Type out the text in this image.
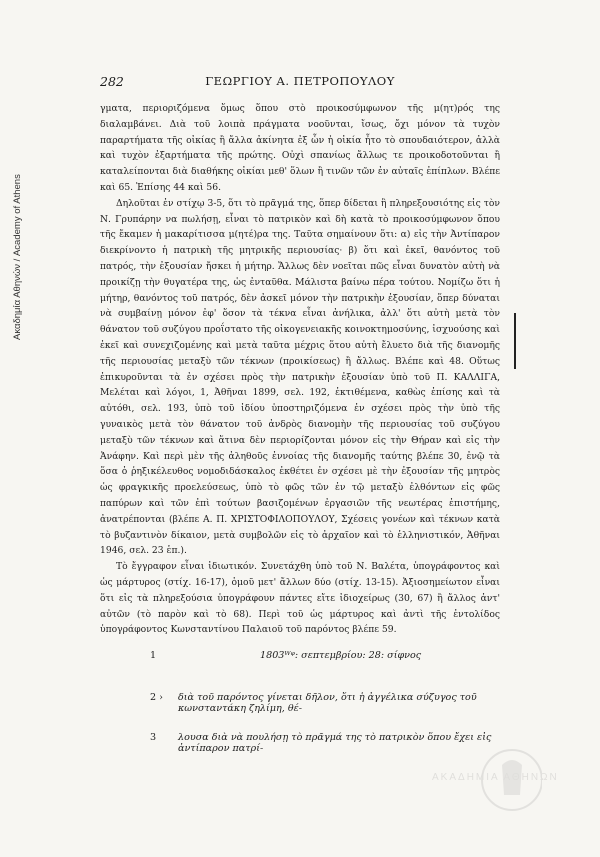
Ακαδημία Αθηνών / Academy of Athens
282	ΓΕΩΡΓΙΟΥ Α. ΠΕΤΡΟΠΟΥΛΟΥ

γματα, περιοριζόμενα ὅμως ὅπου στὸ προικοσύμφωνον τῆς μ(ητ)ρός της διαλαμβάνει. Διὰ τοῦ λοιπὰ πράγματα νοοῦνται, ἴσως, ὄχι μόνον τὰ τυχὸν παραρτήματα τῆς οἰκίας ἢ ἄλλα ἀκίνητα ἐξ ὧν ἡ οἰκία ἦτο τὸ σπουδαιότερον, ἀλλὰ καὶ τυχὸν ἐξαρτήματα τῆς πρώτης. Οὐχὶ σπανίως ἄλλως τε προικοδοτοῦνται ἢ καταλείπονται διὰ διαθήκης οἰκίαι μεθ' ὅλων ἢ τινῶν τῶν ἐν αὐταῖς ἐπίπλων. Βλέπε καὶ 65. Ἐπίσης 44 καὶ 56.

Δηλοῦται ἐν στίχῳ 3-5, ὅτι τὸ πρᾶγμά της, ὅπερ δίδεται ἢ πληρεξουσιότης εἰς τὸν Ν. Γρυπάρην να πωλήσῃ, εἶναι τὸ πατρικὸν καὶ δὴ κατὰ τὸ προικοσύμφωνον ὅπου τῆς ἔκαμεν ἡ μακαρίτισσα μ(ητέ)ρα της. Ταῦτα σημαίνουν ὅτι: α) εἰς τὴν Ἀντίπαρον διεκρίνοντο ἡ πατρικὴ τῆς μητρικῆς περιουσίας· β) ὅτι καὶ ἐκεῖ, θανόντος τοῦ πατρός, τὴν ἐξουσίαν ἤσκει ἡ μήτηρ. Ἄλλως δὲν νοεῖται πῶς εἶναι δυνατὸν αὐτὴ νὰ προικίζῃ τὴν θυγατέρα της, ὡς ἐνταῦθα. Μάλιστα βαίνω πέρα τούτου. Νομίζω ὅτι ἡ μήτηρ, θανόντος τοῦ πατρός, δὲν ἀσκεῖ μόνον τὴν πατρικὴν ἐξουσίαν, ὅπερ δύναται νὰ συμβαίνῃ μόνον ἐφ' ὅσον τὰ τέκνα εἶναι ἀνήλικα, ἀλλ' ὅτι αὐτὴ μετὰ τὸν θάνατον τοῦ συζύγου προΐστατο τῆς οἰκογενειακῆς κοινοκτημοσύνης, ἰσχυούσης καὶ ἐκεῖ καὶ συνεχιζομένης καὶ μετὰ ταῦτα μέχρις ὅτου αὐτὴ ἔλυετο διὰ τῆς διανομῆς τῆς περιουσίας μεταξὺ τῶν τέκνων (προικίσεως) ἢ ἄλλως. Βλέπε καὶ 48. Οὕτως ἐπικυροῦνται τὰ ἐν σχέσει πρὸς τὴν πατρικὴν ἐξουσίαν ὑπὸ τοῦ Π. ΚΑΛΛΙΓΑ, Μελέται καὶ λόγοι, 1, Ἀθῆναι 1899, σελ. 192, ἐκτιθέμενα, καθὼς ἐπίσης καὶ τὰ αὐτόθι, σελ. 193, ὑπὸ τοῦ ἰδίου ὑποστηριζόμενα ἐν σχέσει πρὸς τὴν ὑπὸ τῆς γυναικὸς μετὰ τὸν θάνατον τοῦ ἀνδρὸς διανομὴν τῆς περιουσίας τοῦ συζύγου μεταξὺ τῶν τέκνων καὶ ἅτινα δὲν περιορίζονται μόνον εἰς τὴν Θήραν καὶ εἰς τὴν Ἀνάφην. Καὶ περὶ μὲν τῆς ἀληθοῦς ἐννοίας τῆς διανομῆς ταύτης βλέπε 30, ἐνῷ τὰ ὅσα ὁ ῥηξικέλευθος νομοδιδάσκαλος ἐκθέτει ἐν σχέσει μὲ τὴν ἐξουσίαν τῆς μητρὸς ὡς φραγκικῆς προελεύσεως, ὑπὸ τὸ φῶς τῶν ἐν τῷ μεταξὺ ἐλθόντων εἰς φῶς παπύρων καὶ τῶν ἐπὶ τούτων βασιζομένων ἐργασιῶν τῆς νεωτέρας ἐπιστήμης, ἀνατρέπονται (βλέπε Α. Π. ΧΡΙΣΤΟΦΙΛΟΠΟΥΛΟΥ, Σχέσεις γονέων καὶ τέκνων κατὰ τὸ βυζαντινὸν δίκαιον, μετὰ συμβολῶν εἰς τὸ ἀρχαῖον καὶ τὸ ἑλληνιστικόν, Ἀθῆναι 1946, σελ. 23 ἑπ.).

Τὸ ἔγγραφον εἶναι ἰδιωτικόν. Συνετάχθη ὑπὸ τοῦ Ν. Βαλέτα, ὑπογράφοντος καὶ ὡς μάρτυρος (στίχ. 16-17), ὁμοῦ μετ' ἄλλων δύο (στίχ. 13-15). Ἀξιοσημείωτον εἶναι ὅτι εἰς τὰ πληρεξούσια ὑπογράφουν πάντες εἴτε ἰδιοχείρως (30, 67) ἢ ἄλλος ἀντ' αὐτῶν (τὸ παρὸν καὶ τὸ 68). Περὶ τοῦ ὡς μάρτυρος καὶ ἀντὶ τῆς ἐντολίδος ὑπογράφοντος Κωνσταντίνου Παλαιοῦ τοῦ παρόντος βλέπε 59.

1	1803ᵂᵠ: σεπτεμβρίου: 28: σίφνος
2 › διὰ τοῦ παρόντος γίνεται δῆλον, ὅτι ἡ ἀγγέλικα σύζυγος τοῦ κωνσταντάκη ζηλίμη, θέ-
3 λουσα διὰ νὰ πουλήσῃ τὸ πρᾶγμά της τὸ πατρικὸν ὅπου ἔχει εἰς ἀντίπαρον πατρί-
ΑΚΑΔΗΜΙΑ ΑΘΗΝΩΝ
